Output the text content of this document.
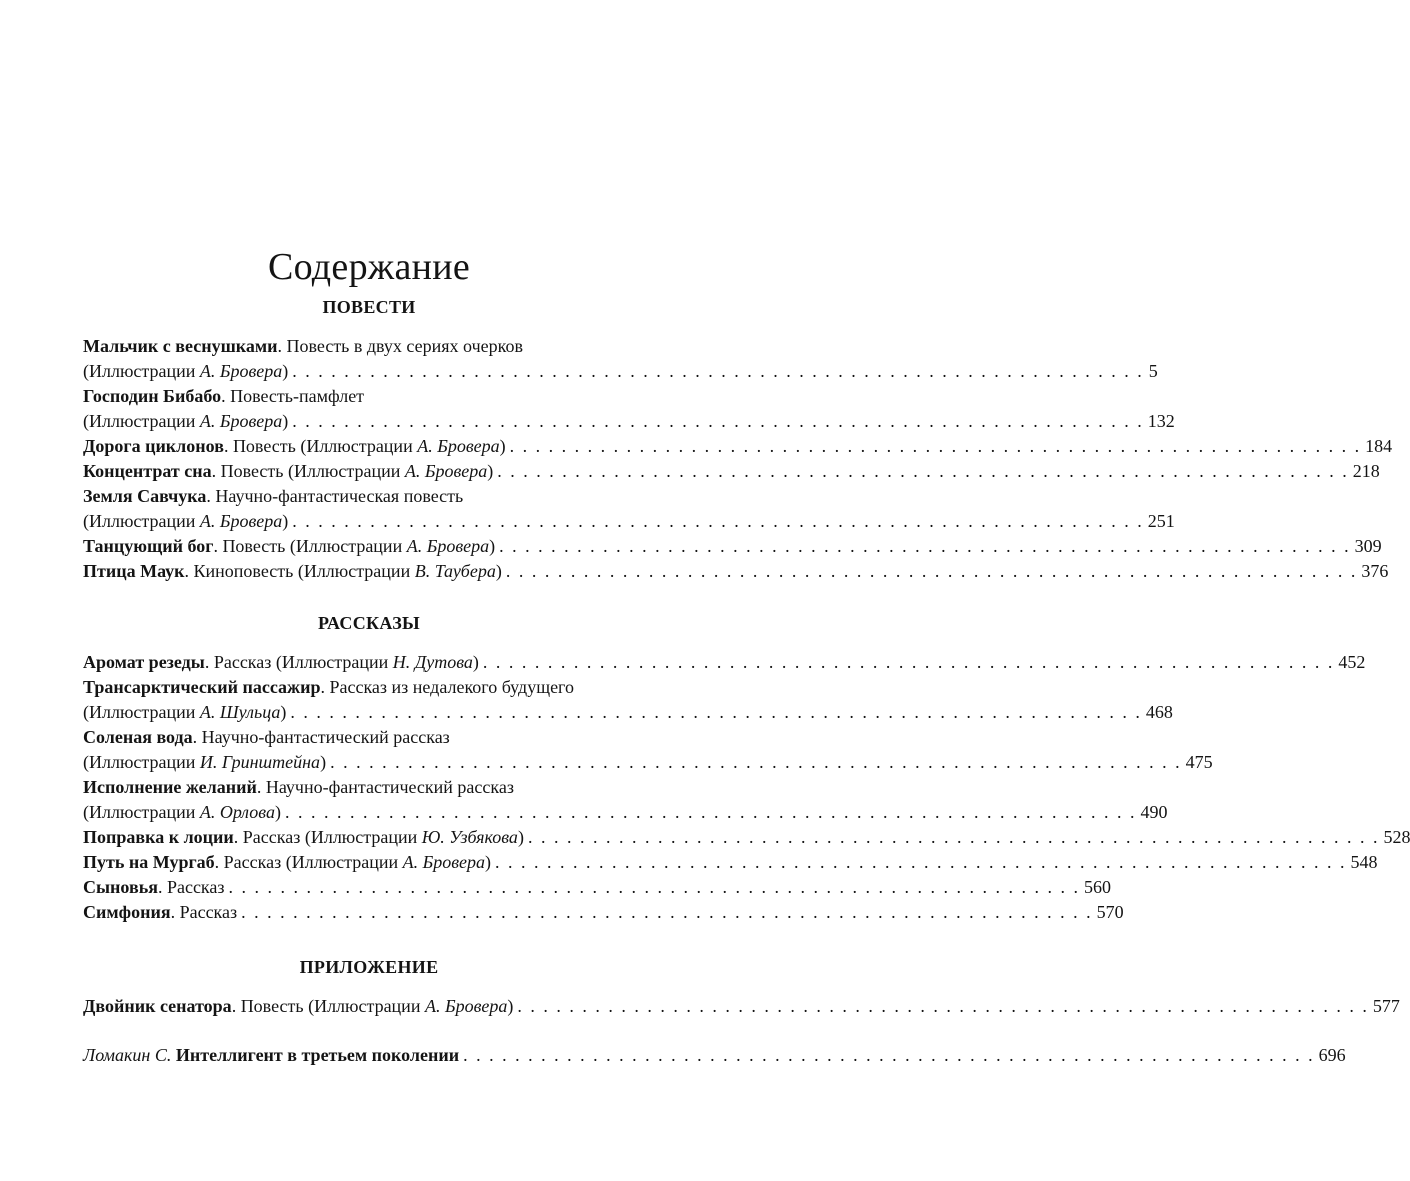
Содержание
ПОВЕСТИ
Мальчик с веснушками. Повесть в двух сериях очерков
(Иллюстрации А. Бровера) . . . . . . . . . . . . . . . . . . . . . . . . . . . . . . . . . . . . . . . . . . . . . . . . . . . . . . . . . . . . . . . . . . 5
Господин Бибабо. Повесть-памфлет
(Иллюстрации А. Бровера) . . . . . . . . . . . . . . . . . . . . . . . . . . . . . . . . . . . . . . . . . . . . . . . . . . . . . . . . . . . . . . . . . . 132
Дорога циклонов. Повесть (Иллюстрации А. Бровера) . . . . . . . . . . . . . . . . . . . . . . . . . . . . . . . . . . . . . . . . . . . . . . . . . . . . . . . . . . . . . . . . . . 184
Концентрат сна. Повесть (Иллюстрации А. Бровера) . . . . . . . . . . . . . . . . . . . . . . . . . . . . . . . . . . . . . . . . . . . . . . . . . . . . . . . . . . . . . . . . . . 218
Земля Савчука. Научно-фантастическая повесть
(Иллюстрации А. Бровера) . . . . . . . . . . . . . . . . . . . . . . . . . . . . . . . . . . . . . . . . . . . . . . . . . . . . . . . . . . . . . . . . . . 251
Танцующий бог. Повесть (Иллюстрации А. Бровера) . . . . . . . . . . . . . . . . . . . . . . . . . . . . . . . . . . . . . . . . . . . . . . . . . . . . . . . . . . . . . . . . . . 309
Птица Маук. Киноповесть (Иллюстрации В. Таубера) . . . . . . . . . . . . . . . . . . . . . . . . . . . . . . . . . . . . . . . . . . . . . . . . . . . . . . . . . . . . . . . . . . 376
РАССКАЗЫ
Аромат резеды. Рассказ (Иллюстрации Н. Дутова) . . . . . . . . . . . . . . . . . . . . . . . . . . . . . . . . . . . . . . . . . . . . . . . . . . . . . . . . . . . . . . . . . . 452
Трансарктический пассажир. Рассказ из недалекого будущего
(Иллюстрации А. Шульца) . . . . . . . . . . . . . . . . . . . . . . . . . . . . . . . . . . . . . . . . . . . . . . . . . . . . . . . . . . . . . . . . . . 468
Соленая вода. Научно-фантастический рассказ
(Иллюстрации И. Гринштейна) . . . . . . . . . . . . . . . . . . . . . . . . . . . . . . . . . . . . . . . . . . . . . . . . . . . . . . . . . . . . . . . . . . 475
Исполнение желаний. Научно-фантастический рассказ
(Иллюстрации А. Орлова) . . . . . . . . . . . . . . . . . . . . . . . . . . . . . . . . . . . . . . . . . . . . . . . . . . . . . . . . . . . . . . . . . . 490
Поправка к лоции. Рассказ (Иллюстрации Ю. Узбякова) . . . . . . . . . . . . . . . . . . . . . . . . . . . . . . . . . . . . . . . . . . . . . . . . . . . . . . . . . . . . . . . . . . 528
Путь на Мургаб. Рассказ (Иллюстрации А. Бровера) . . . . . . . . . . . . . . . . . . . . . . . . . . . . . . . . . . . . . . . . . . . . . . . . . . . . . . . . . . . . . . . . . . 548
Сыновья. Рассказ . . . . . . . . . . . . . . . . . . . . . . . . . . . . . . . . . . . . . . . . . . . . . . . . . . . . . . . . . . . . . . . . . . 560
Симфония. Рассказ . . . . . . . . . . . . . . . . . . . . . . . . . . . . . . . . . . . . . . . . . . . . . . . . . . . . . . . . . . . . . . . . . . 570
ПРИЛОЖЕНИЕ
Двойник сенатора. Повесть (Иллюстрации А. Бровера) . . . . . . . . . . . . . . . . . . . . . . . . . . . . . . . . . . . . . . . . . . . . . . . . . . . . . . . . . . . . . . . . . . 577
Ломакин С. Интеллигент в третьем поколении . . . . . . . . . . . . . . . . . . . . . . . . . . . . . . . . . . . . . . . . . . . . . . . . . . . . . . . . . . . . . . . . . . 696
